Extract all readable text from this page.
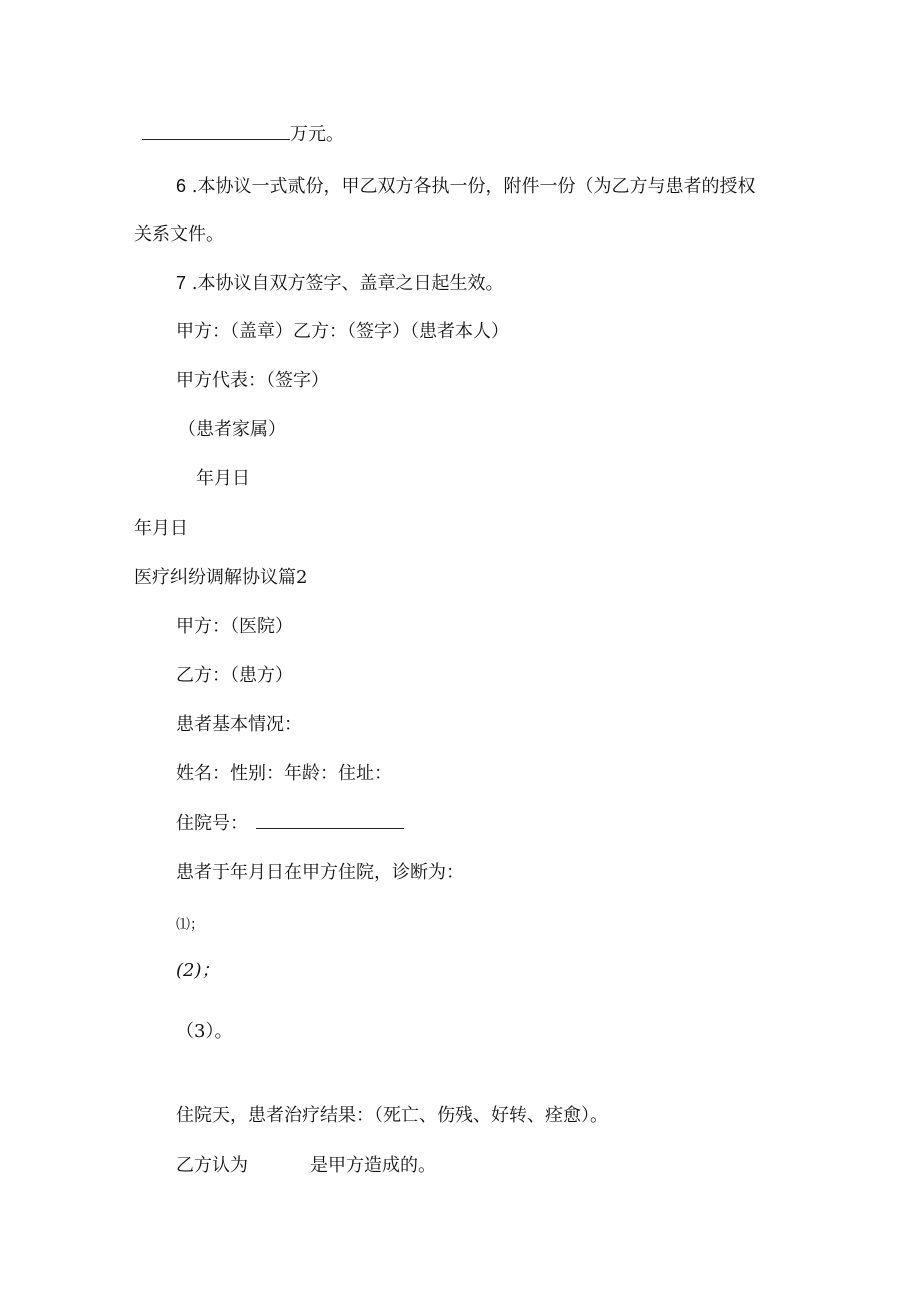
万元。
6 .本协议一式贰份，甲乙双方各执一份，附件一份（为乙方与患者的授权
关系文件。
7 .本协议自双方签字、盖章之日起生效。
甲方：（盖章）乙方：（签字）（患者本人）
甲方代表：（签字）
（患者家属）
年月日
年月日
医疗纠纷调解协议篇2
甲方：（医院）
乙方：（患方）
患者基本情况：
姓名：性别：年龄：住址：
住院号：
患者于年月日在甲方住院，诊断为：
⑴；
(2)；
（3）。
住院天，患者治疗结果：（死亡、伤残、好转、痊愈）。
乙方认为	是甲方造成的。
